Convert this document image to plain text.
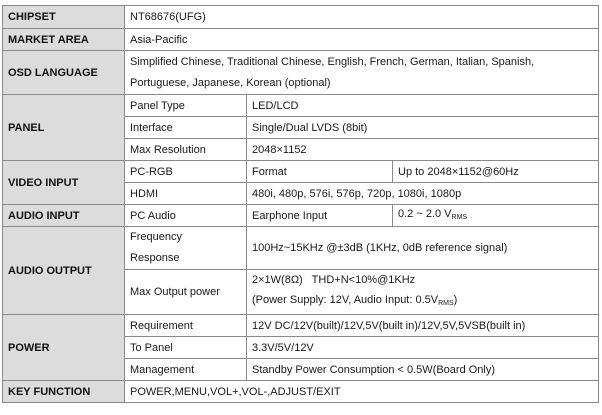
CHIPSET	NT68676(UFG)		
MARKET AREA	Asia-Pacific		
OSD LANGUAGE	Simplified Chinese, Traditional Chinese, English, French, German, Italian, Spanish,
Portuguese, Japanese, Korean (optional)		

PANEL	Panel Type	LED/LCD	
	Interface	Single/Dual LVDS (8bit)	
	Max Resolution	2048×1152	
VIDEO INPUT	PC-RGB	Format	Up to 2048×1152@60Hz
	HDMI	480i, 480p, 576i, 576p, 720p, 1080i, 1080p	
AUDIO INPUT	PC Audio	Earphone Input	0.2 ~ 2.0 $V_{RMS}$
AUDIO OUTPUT	Frequency
Response	100Hz~15KHz @±3dB (1KHz, 0dB reference signal)	
	Max Output power	2×1W(8Ω)   THD+N<10%@1KHz
(Power Supply: 12V, Audio Input: $0.5V_{RMS}$)	

POWER	Requirement	12V DC/12V(built)/12V,5V(built in)/12V,5V,5VSB(built in)	
	To Panel	3.3V/5V/12V	
	Management	Standby Power Consumption < 0.5W(Board Only)	
KEY FUNCTION	POWER,MENU,VOL+,VOL-,ADJUST/EXIT		
